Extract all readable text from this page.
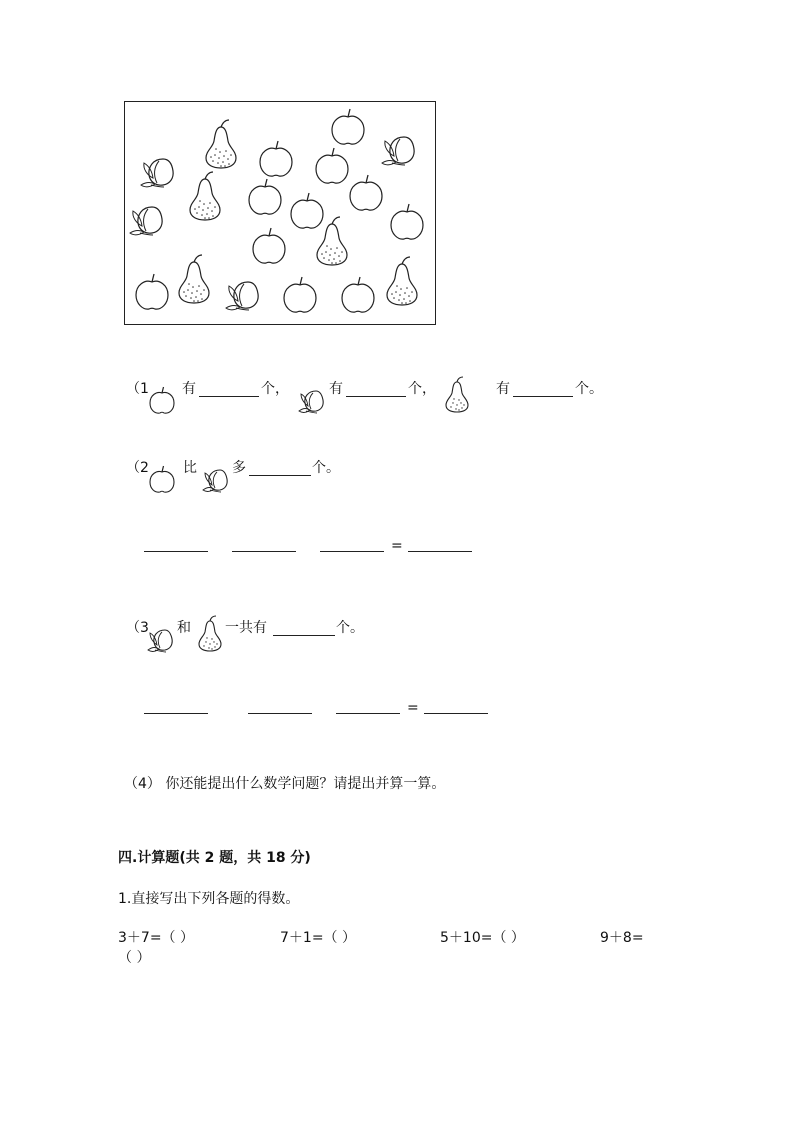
（1 有	个，	有	个，	有	个。
（2 比	多	个。
=
（3 和 一共有	个。
=
（4） 你还能提出什么数学问题？请提出并算一算。
四.计算题(共 2 题，共 18 分)
1.直接写出下列各题的得数。
3＋7=（ ）	7＋1=（ ）	5＋10=（ ）	9＋8=
（ ）
